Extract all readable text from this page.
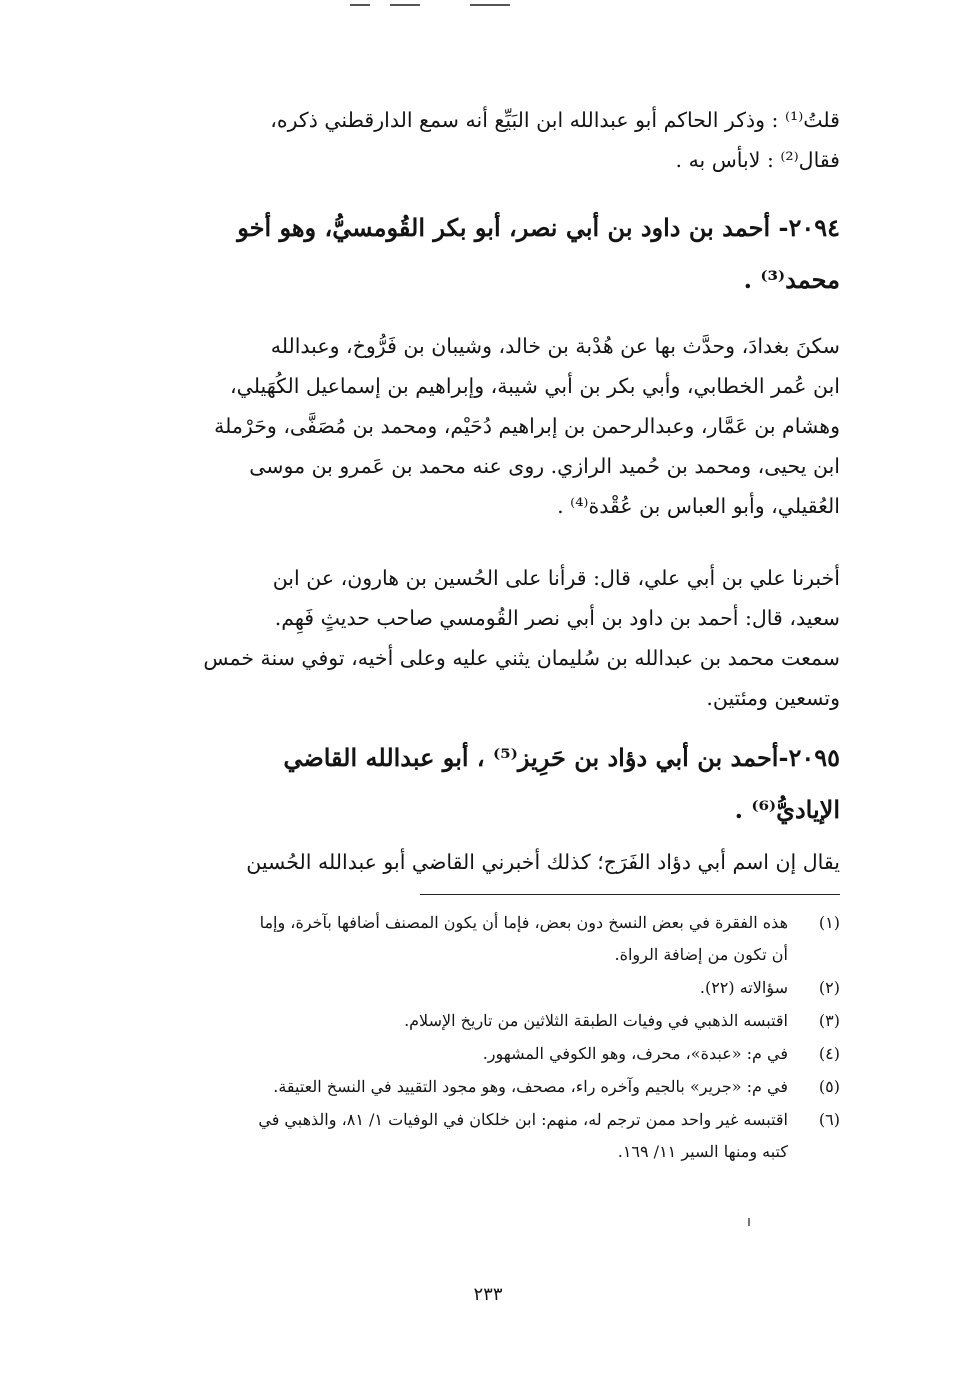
قلتُ⁽¹⁾ : وذكر الحاكم أبو عبدالله ابن البَيِّع أنه سمع الدارقطني ذكره،

فقال⁽²⁾ : لابأس به .

٢٠٩٤- أحمد بن داود بن أبي نصر، أبو بكر القُومسيُّ، وهو أخو

محمد⁽³⁾ .

سكنَ بغدادَ، وحدَّث بها عن هُدْبة بن خالد، وشيبان بن فَرُّوخ، وعبدالله

ابن عُمر الخطابي، وأبي بكر بن أبي شيبة، وإبراهيم بن إسماعيل الكُهَيلي،

وهشام بن عَمَّار، وعبدالرحمن بن إبراهيم دُحَيْم، ومحمد بن مُصَفَّى، وحَرْملة

ابن يحيى، ومحمد بن حُميد الرازي. روى عنه محمد بن عَمرو بن موسى

العُقيلي، وأبو العباس بن عُقْدة⁽⁴⁾ .

أخبرنا علي بن أبي علي، قال: قرأنا على الحُسين بن هارون، عن ابن

سعيد، قال: أحمد بن داود بن أبي نصر القُومسي صاحب حديثٍ فَهِم.

سمعت محمد بن عبدالله بن سُليمان يثني عليه وعلى أخيه، توفي سنة خمس

وتسعين ومئتين.

٢٠٩٥-أحمد بن أبي دؤاد بن حَرِيز⁽⁵⁾ ، أبو عبدالله القاضي

الإياديُّ⁽⁶⁾ .

يقال إن اسم أبي دؤاد الفَرَج؛ كذلك أخبرني القاضي أبو عبدالله الحُسين

(١)
هذه الفقرة في بعض النسخ دون بعض، فإما أن يكون المصنف أضافها بآخرة، وإما
أن تكون من إضافة الرواة.
(٢)
سؤالاته (٢٢).
(٣)
اقتبسه الذهبي في وفيات الطبقة الثلاثين من تاريخ الإسلام.
(٤)
في م: «عبدة»، محرف، وهو الكوفي المشهور.
(٥)
في م: «جرير» بالجيم وآخره راء، مصحف، وهو مجود التقييد في النسخ العتيقة.
(٦)
اقتبسه غير واحد ممن ترجم له، منهم: ابن خلكان في الوفيات ١/ ٨١، والذهبي في
كتبه ومنها السير ١١/ ١٦٩.
٢٣٣
